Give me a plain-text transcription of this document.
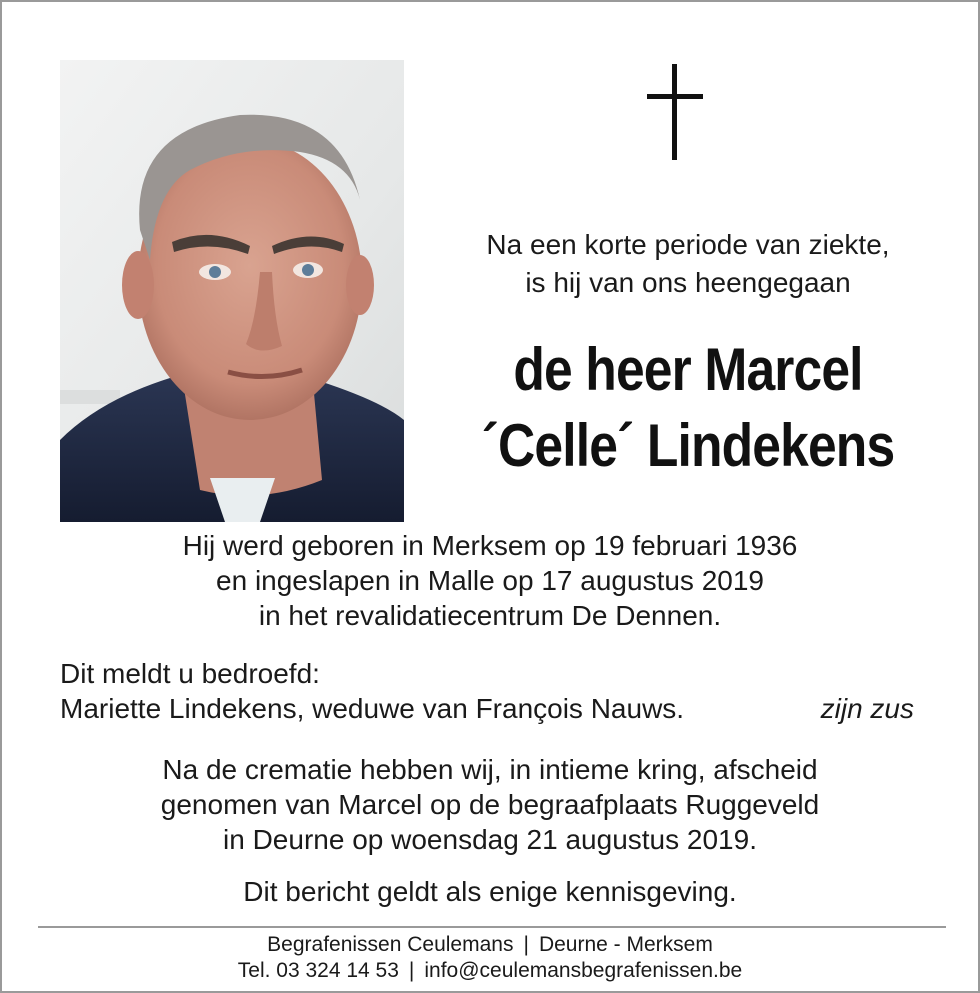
Na een korte periode van ziekte,
is hij van ons heengegaan
de heer Marcel
´Celle´ Lindekens
Hij werd geboren in Merksem op 19 februari 1936
en ingeslapen in Malle op 17 augustus 2019
in het revalidatiecentrum De Dennen.
Dit meldt u bedroefd:
Mariette Lindekens, weduwe van François Nauws.	zijn zus
Na de crematie hebben wij, in intieme kring, afscheid
genomen van Marcel op de begraafplaats Ruggeveld
in Deurne op woensdag 21 augustus 2019.
Dit bericht geldt als enige kennisgeving.
Begrafenissen Ceulemans | Deurne - Merksem
Tel. 03 324 14 53 | info@ceulemansbegrafenissen.be
